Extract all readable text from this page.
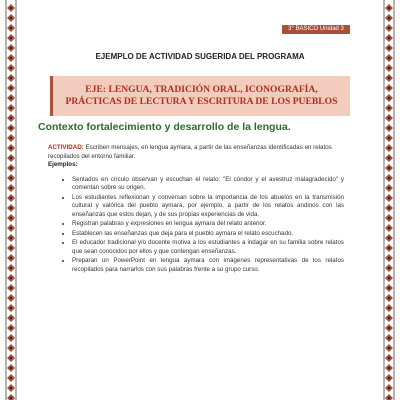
3° BÁSICO Unidad 3
EJEMPLO DE ACTIVIDAD SUGERIDA DEL PROGRAMA
EJE: LENGUA, TRADICIÓN ORAL, ICONOGRAFÍA,
PRÁCTICAS DE LECTURA Y ESCRITURA DE LOS PUEBLOS
Contexto fortalecimiento y desarrollo de la lengua.
ACTIVIDAD: Escriben mensajes, en lengua aymara, a partir de las enseñanzas identificadas en relatos recopilados del entorno familiar.
Ejemplos:
• Sentados en círculo observan y escuchan el relato: "El cóndor y el avestruz malagradecido" y comentan sobre su origen.
• Los estudiantes reflexionan y conversan sobre la importancia de los abuelos en la transmisión cultural y valórica del pueblo aymara, por ejemplo, a partir de los relatos andinos con las enseñanzas que estos dejan, y de sus propias experiencias de vida.
• Registran palabras y expresiones en lengua aymara del relato anterior.
• Establecen las enseñanzas que deja para el pueblo aymara el relato escuchado.
• El educador tradicional y/o docente motiva a los estudiantes a indagar en su familia sobre relatos que sean conocidos por ellos y que contengan enseñanzas.
• Preparan un PowerPoint en lengua aymara con imágenes representativas de los relatos recopilados para narrarlos con sus palabras frente a su grupo curso.
